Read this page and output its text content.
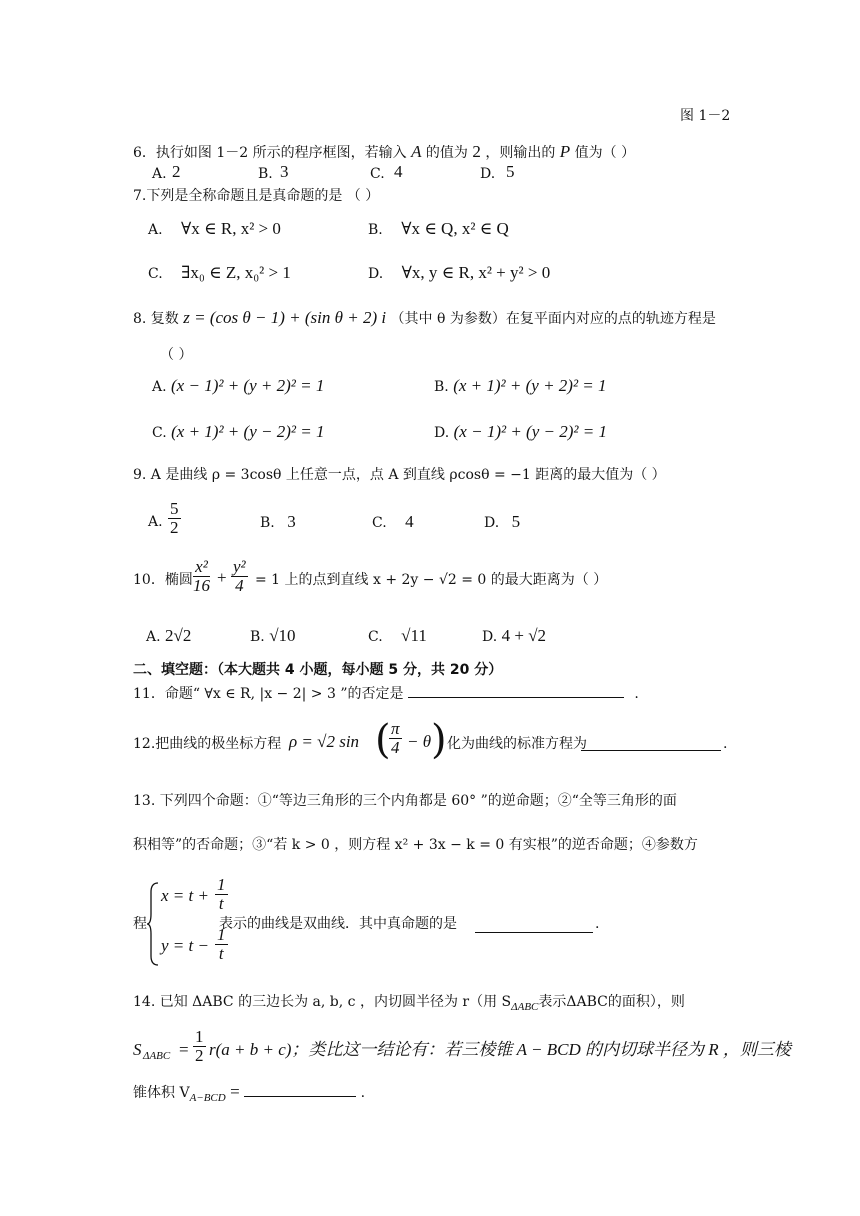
图 1－2
6．执行如图 1－2 所示的程序框图，若输入 A 的值为 2 ，则输出的 P 值为（ ）
A. 2	B. 3	C. 4	D. 5
7.下列是全称命题且是真命题的是 （ ）
A. ∀x ∈ R, x² > 0	B. ∀x ∈ Q, x² ∈ Q
C. ∃x₀ ∈ Z, x₀² > 1	D. ∀x, y ∈ R, x² + y² > 0
8. 复数 z = (cos θ − 1) + (sin θ + 2) i （其中 θ 为参数）在复平面内对应的点的轨迹方程是
（ ）
A. (x − 1)² + (y + 2)² = 1	B. (x + 1)² + (y + 2)² = 1
C. (x + 1)² + (y − 2)² = 1	D. (x − 1)² + (y − 2)² = 1
9. A 是曲线 ρ = 3cosθ 上任意一点，点 A 到直线 ρcosθ = −1 距离的最大值为（ ）
A. $\frac{5}{2}$	B. 3	C. 4	D. 5
10．椭圆
$\frac{\text{x²}}{16} + \frac{\text{y²}}{4} = 1$ 上的点到直线 x + 2y − √2 = 0 的最大距离为（ ）
A. 2√2	B. √10	C. √11	D. 4 + √2
二、填空题：（本大题共 4 小题，每小题 5 分，共 20 分）
11．命题“ ∀x ∈ R, |x − 2| > 3 ”的否定是	.
12.把曲线的极坐标方程 ρ = √2 sin (
$\frac{\pi}{4} - \theta$ ) 化为曲线的标准方程为	.
13. 下列四个命题：①“等边三角形的三个内角都是 60° ”的逆命题；②“全等三角形的面
积相等”的否命题；③“若 k > 0 ，则方程 x² + 3x − k = 0 有实根”的逆否命题；④参数方
程
$x = t + \frac{1}{t}$
$y = t - \frac{1}{t}$
表示的曲线是双曲线．其中真命题的是	.
14. 已知 ΔABC 的三边长为 a, b, c ，内切圆半径为 r（用 $S_{\Delta ABC}$表示ΔABC的面积），则
S $\Delta ABC = \frac{1}{2} r(a + b + c)$；类比这一结论有：若三棱锥 A − BCD 的内切球半径为 R ，则三棱
锥体积 $V_{A-BCD}$ =	.
